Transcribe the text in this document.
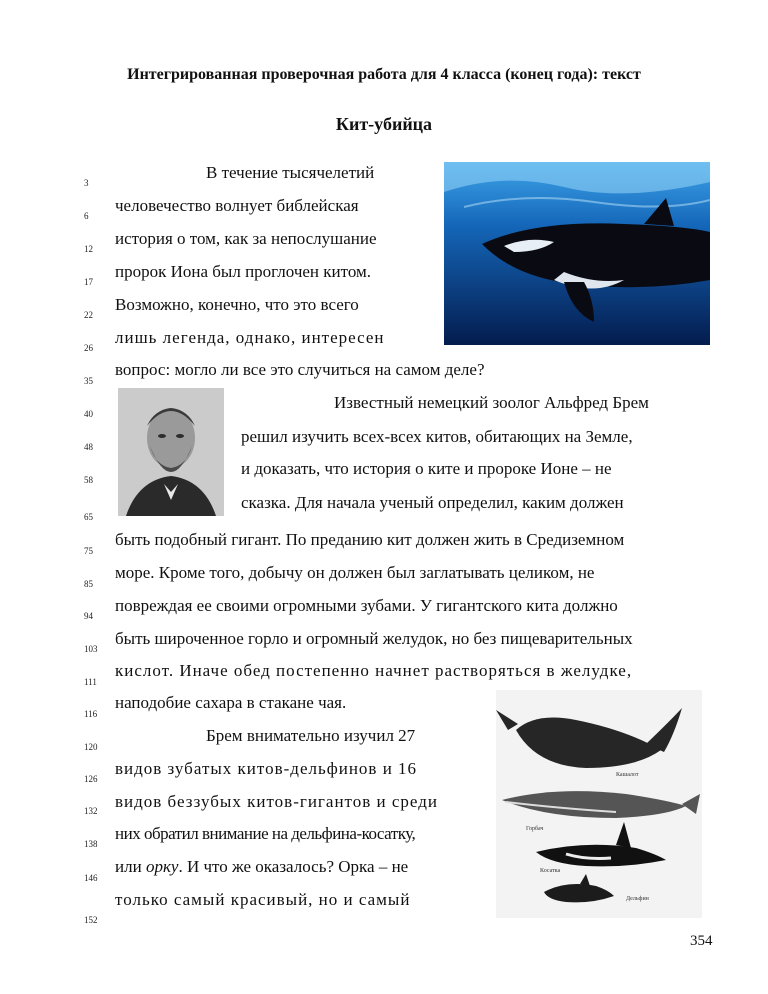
Интегрированная проверочная работа для 4 класса (конец года): текст
Кит-убийца
3
6
12
17
22
26
35
40
48
58
65
75
85
94
103
111
116
120
126
132
138
146
152
В течение тысячелетий
человечество волнует библейская
история о том, как за непослушание
пророк Иона был проглочен китом.
Возможно, конечно, что это всего
лишь легенда, однако, интересен
вопрос: могло ли все это случиться на самом деле?
Известный немецкий зоолог Альфред Брем
решил изучить всех-всех китов, обитающих на Земле,
и доказать, что история о ките и пророке Ионе – не
сказка. Для начала ученый определил, каким должен
быть подобный гигант. По преданию кит должен жить в Средиземном
море. Кроме того, добычу он должен был заглатывать целиком, не
повреждая ее своими огромными зубами. У гигантского кита должно
быть широченное горло и огромный желудок, но без пищеварительных
кислот. Иначе обед постепенно начнет растворяться в желудке,
наподобие сахара в стакане чая.
Брем внимательно изучил 27
видов зубатых китов-дельфинов и 16
видов беззубых китов-гигантов и среди
них обратил внимание на дельфина-косатку,
или орку. И что же оказалось? Орка – не
только самый красивый, но и самый
Кашалот
Горбач
Косатка
Дельфин
354
